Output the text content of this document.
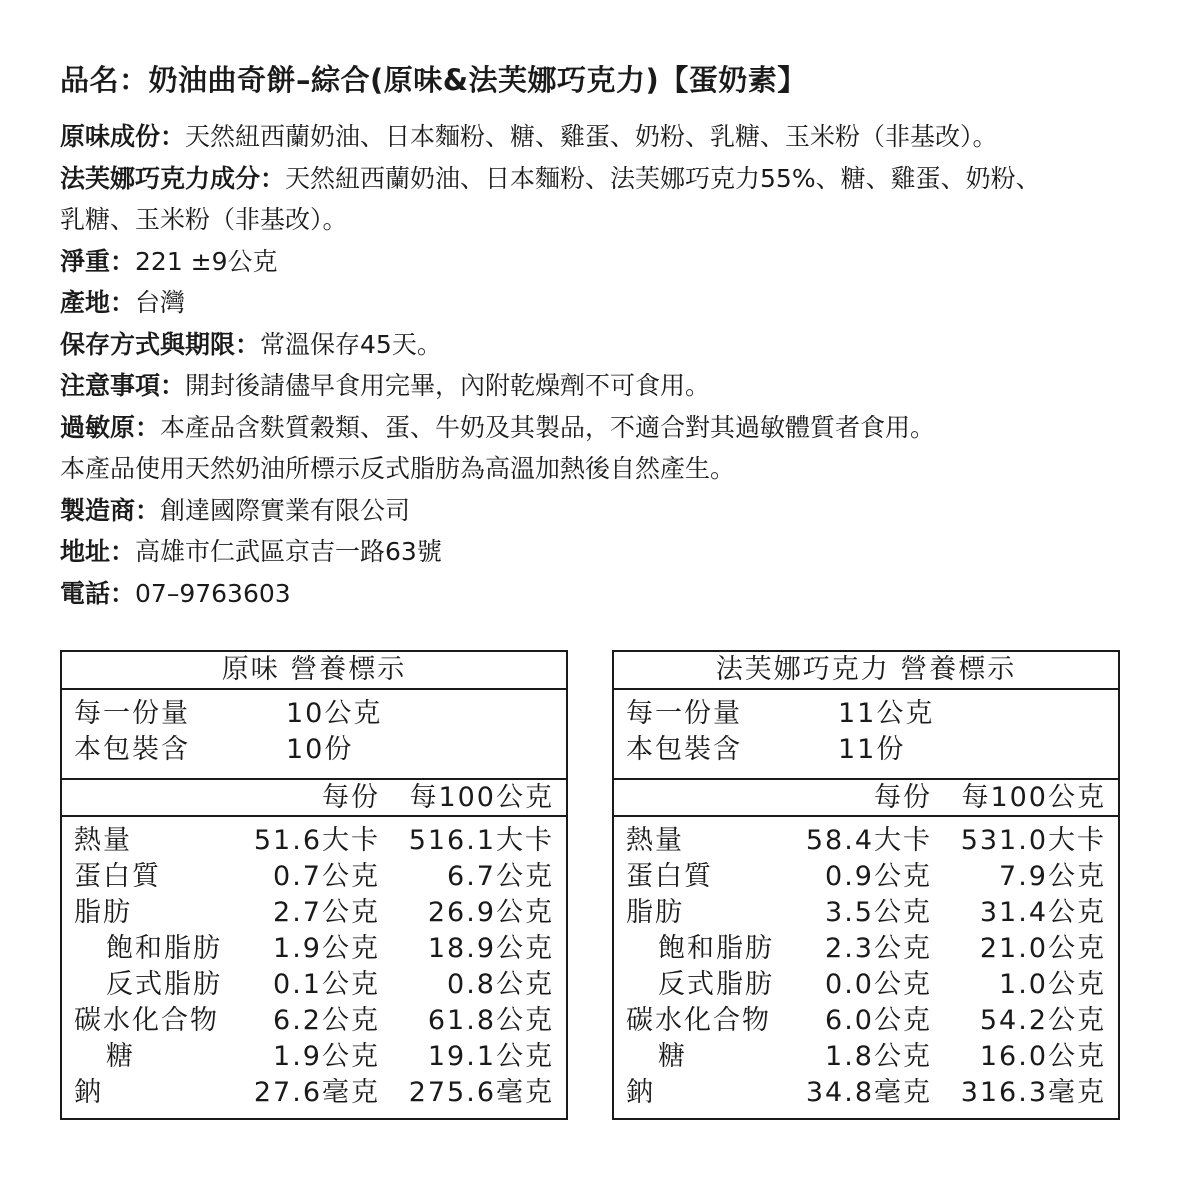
品名：奶油曲奇餅–綜合(原味&法芙娜巧克力)【蛋奶素】
原味成份：天然紐西蘭奶油、日本麵粉、糖、雞蛋、奶粉、乳糖、玉米粉（非基改）。
法芙娜巧克力成分：天然紐西蘭奶油、日本麵粉、法芙娜巧克力55%、糖、雞蛋、奶粉、
乳糖、玉米粉（非基改）。
淨重：221 ±9公克
產地：台灣
保存方式與期限：常溫保存45天。
注意事項：開封後請儘早食用完畢，內附乾燥劑不可食用。
過敏原：本產品含麩質穀類、蛋、牛奶及其製品，不適合對其過敏體質者食用。
本產品使用天然奶油所標示反式脂肪為高溫加熱後自然產生。
製造商：創達國際實業有限公司
地址：高雄市仁武區京吉一路63號
電話：07–9763603
原味 營養標示
每一份量	10公克
本包裝含	10份
每份 每100公克
熱量	51.6大卡 516.1大卡
蛋白質	0.7公克 6.7公克
脂肪	2.7公克 26.9公克
飽和脂肪 1.9公克 18.9公克
反式脂肪 0.1公克 0.8公克
碳水化合物 6.2公克 61.8公克
糖	1.9公克 19.1公克
鈉	27.6毫克 275.6毫克
法芙娜巧克力 營養標示
每一份量	11公克
本包裝含	11份
每份 每100公克
熱量	58.4大卡 531.0大卡
蛋白質	0.9公克 7.9公克
脂肪	3.5公克 31.4公克
飽和脂肪 2.3公克 21.0公克
反式脂肪 0.0公克 1.0公克
碳水化合物 6.0公克 54.2公克
糖	1.8公克 16.0公克
鈉	34.8毫克 316.3毫克
